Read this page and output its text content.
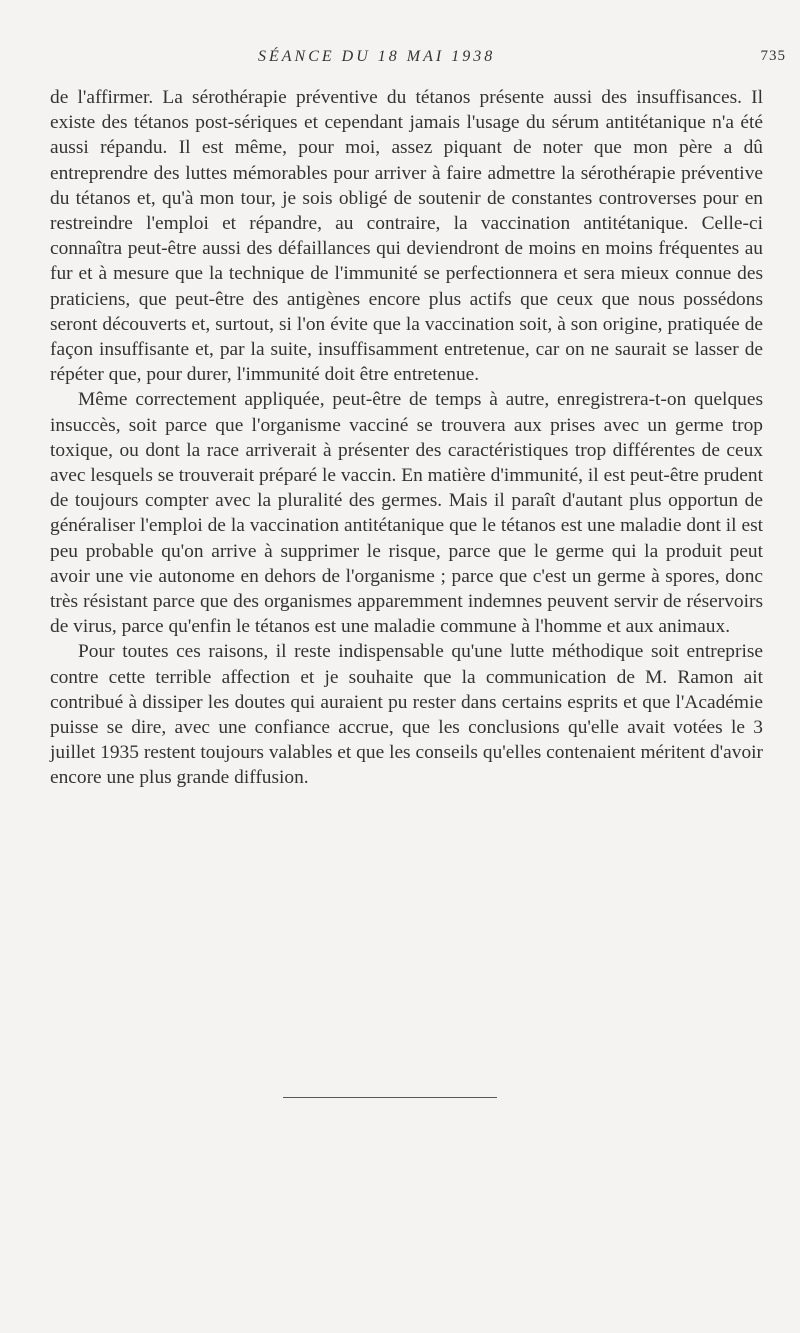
SÉANCE DU 18 MAI 1938	735

de l'affirmer. La sérothérapie préventive du tétanos présente aussi des insuffisances. Il existe des tétanos post-sériques et cependant jamais l'usage du sérum antitétanique n'a été aussi répandu. Il est même, pour moi, assez piquant de noter que mon père a dû entreprendre des luttes mémorables pour arriver à faire admettre la sérothérapie préventive du tétanos et, qu'à mon tour, je sois obligé de soutenir de constantes controverses pour en restreindre l'emploi et répandre, au contraire, la vaccination antitétanique. Celle-ci connaîtra peut-être aussi des défaillances qui deviendront de moins en moins fréquentes au fur et à mesure que la technique de l'immunité se perfectionnera et sera mieux connue des praticiens, que peut-être des antigènes encore plus actifs que ceux que nous possédons seront découverts et, surtout, si l'on évite que la vaccination soit, à son origine, pratiquée de façon insuffisante et, par la suite, insuffisamment entretenue, car on ne saurait se lasser de répéter que, pour durer, l'immunité doit être entretenue.

Même correctement appliquée, peut-être de temps à autre, enregistrera-t-on quelques insuccès, soit parce que l'organisme vacciné se trouvera aux prises avec un germe trop toxique, ou dont la race arriverait à présenter des caractéristiques trop différentes de ceux avec lesquels se trouverait préparé le vaccin. En matière d'immunité, il est peut-être prudent de toujours compter avec la pluralité des germes. Mais il paraît d'autant plus opportun de généraliser l'emploi de la vaccination antitétanique que le tétanos est une maladie dont il est peu probable qu'on arrive à supprimer le risque, parce que le germe qui la produit peut avoir une vie autonome en dehors de l'organisme ; parce que c'est un germe à spores, donc très résistant parce que des organismes apparemment indemnes peuvent servir de réservoirs de virus, parce qu'enfin le tétanos est une maladie commune à l'homme et aux animaux.

Pour toutes ces raisons, il reste indispensable qu'une lutte méthodique soit entreprise contre cette terrible affection et je souhaite que la communication de M. Ramon ait contribué à dissiper les doutes qui auraient pu rester dans certains esprits et que l'Académie puisse se dire, avec une confiance accrue, que les conclusions qu'elle avait votées le 3 juillet 1935 restent toujours valables et que les conseils qu'elles contenaient méritent d'avoir encore une plus grande diffusion.
